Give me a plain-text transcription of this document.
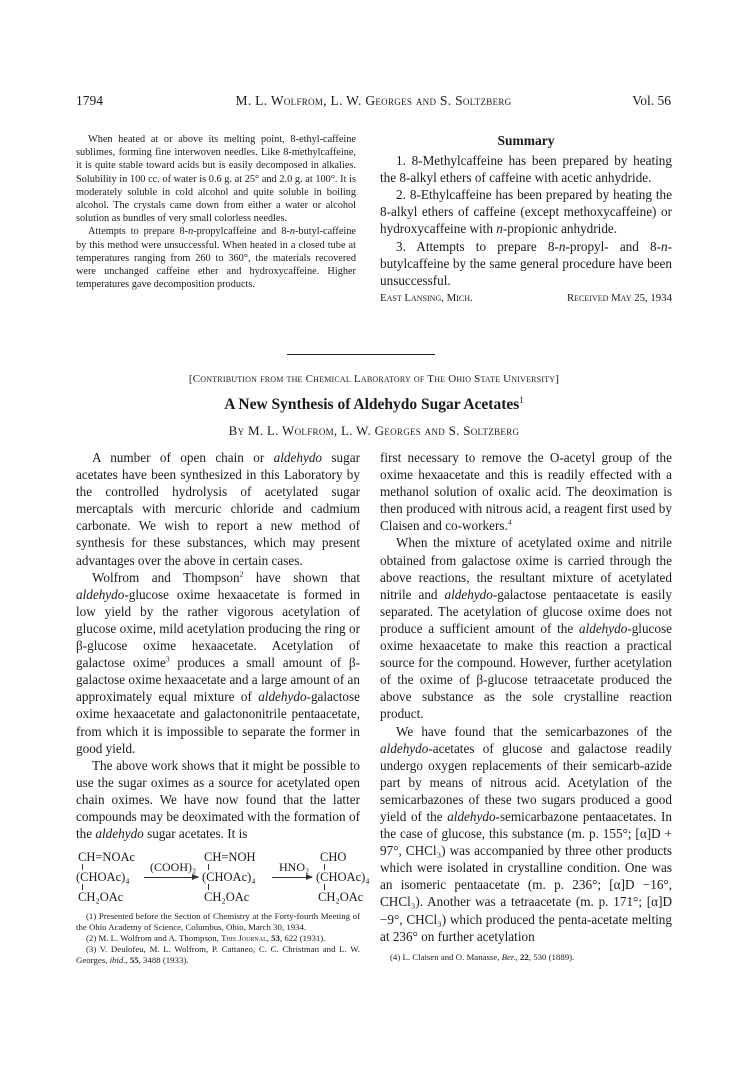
1794	M. L. Wolfrom, L. W. Georges and S. Soltzberg	Vol. 56

When heated at or above its melting point, 8-ethyl-caffeine sublimes, forming fine interwoven needles. Like 8-methylcaffeine, it is quite stable toward acids but is easily decomposed in alkalies. Solubility in 100 cc. of water is 0.6 g. at 25° and 2.0 g. at 100°. It is moderately soluble in cold alcohol and quite soluble in boiling alcohol. The crystals came down from either a water or alcohol solution as bundles of very small colorless needles.

Attempts to prepare 8-n-propylcaffeine and 8-n-butyl-caffeine by this method were unsuccessful. When heated in a closed tube at temperatures ranging from 260 to 360°, the materials recovered were unchanged caffeine ether and hydroxycaffeine. Higher temperatures gave decomposition products.

Summary

1. 8-Methylcaffeine has been prepared by heating the 8-alkyl ethers of caffeine with acetic anhydride.

2. 8-Ethylcaffeine has been prepared by heating the 8-alkyl ethers of caffeine (except methoxycaffeine) or hydroxycaffeine with n-propionic anhydride.

3. Attempts to prepare 8-n-propyl- and 8-n-butylcaffeine by the same general procedure have been unsuccessful.

East Lansing, Mich.	Received May 25, 1934
[Contribution from the Chemical Laboratory of The Ohio State University]
A New Synthesis of Aldehydo Sugar Acetates$^1$
By M. L. Wolfrom, L. W. Georges and S. Soltzberg

A number of open chain or aldehydo sugar acetates have been synthesized in this Laboratory by the controlled hydrolysis of acetylated sugar mercaptals with mercuric chloride and cadmium carbonate. We wish to report a new method of synthesis for these substances, which may present advantages over the above in certain cases.

Wolfrom and Thompson$^2$ have shown that aldehydo-glucose oxime hexaacetate is formed in low yield by the rather vigorous acetylation of glucose oxime, mild acetylation producing the ring or β-glucose oxime hexaacetate. Acetylation of galactose oxime$^3$ produces a small amount of β-galactose oxime hexaacetate and a large amount of an approximately equal mixture of aldehydo-galactose oxime hexaacetate and galactononitrile pentaacetate, from which it is impossible to separate the former in good yield.

The above work shows that it might be possible to use the sugar oximes as a source for acetylated open chain oximes. We have now found that the latter compounds may be deoximated with the formation of the aldehydo sugar acetates. It is

CH=NOAc
(CHOAc)₄
CH₂OAc
(COOH)₂
CH=NOH
(CHOAc)₄
CH₂OAc
HNO₂
CHO
(CHOAc)₄
CH₂OAc

(1) Presented before the Section of Chemistry at the Forty-fourth Meeting of the Ohio Academy of Science, Columbus, Ohio, March 30, 1934.

(2) M. L. Wolfrom and A. Thompson, This Journal, 53, 622 (1931).

(3) V. Deulofeu, M. L. Wolfrom, P. Cattaneo, C. C. Christman and L. W. Georges, ibid., 55, 3488 (1933).

first necessary to remove the O-acetyl group of the oxime hexaacetate and this is readily effected with a methanol solution of oxalic acid. The deoximation is then produced with nitrous acid, a reagent first used by Claisen and co-workers.$^4$

When the mixture of acetylated oxime and nitrile obtained from galactose oxime is carried through the above reactions, the resultant mixture of acetylated nitrile and aldehydo-galactose pentaacetate is easily separated. The acetylation of glucose oxime does not produce a sufficient amount of the aldehydo-glucose oxime hexaacetate to make this reaction a practical source for the compound. However, further acetylation of the oxime of β-glucose tetraacetate produced the above substance as the sole crystalline reaction product.

We have found that the semicarbazones of the aldehydo-acetates of glucose and galactose readily undergo oxygen replacements of their semicarb-azide part by means of nitrous acid. Acetylation of the semicarbazones of these two sugars produced a good yield of the aldehydo-semicarbazone pentaacetates. In the case of glucose, this substance (m. p. 155°; [α]D + 97°, CHCl₃) was accompanied by three other products which were isolated in crystalline condition. One was an isomeric pentaacetate (m. p. 236°; [α]D −16°, CHCl₃). Another was a tetraacetate (m. p. 171°; [α]D −9°, CHCl₃) which produced the penta-acetate melting at 236° on further acetylation

(4) L. Claisen and O. Manasse, Ber., 22, 530 (1889).
